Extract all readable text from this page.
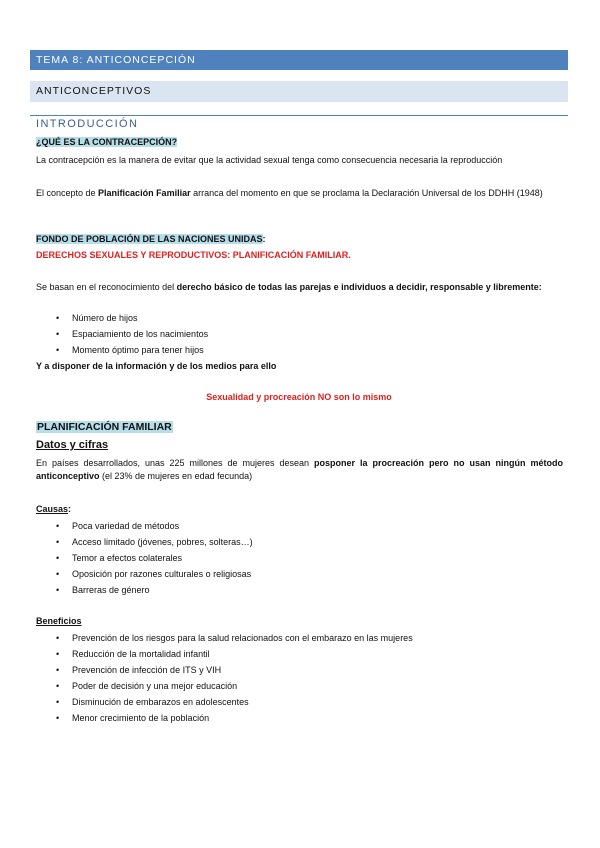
TEMA 8: ANTICONCEPCIÓN
ANTICONCEPTIVOS
INTRODUCCIÓN
¿QUÉ ES LA CONTRACEPCIÓN?
La contracepción es la manera de evitar que la actividad sexual tenga como consecuencia necesaria la reproducción
El concepto de Planificación Familiar arranca del momento en que se proclama la Declaración Universal de los DDHH (1948)
FONDO DE POBLACIÓN DE LAS NACIONES UNIDAS:
DERECHOS SEXUALES Y REPRODUCTIVOS: PLANIFICACIÓN FAMILIAR.
Se basan en el reconocimiento del derecho básico de todas las parejas e individuos a decidir, responsable y libremente:
• Número de hijos
• Espaciamiento de los nacimientos
• Momento óptimo para tener hijos
Y a disponer de la información y de los medios para ello
Sexualidad y procreación NO son lo mismo
PLANIFICACIÓN FAMILIAR
Datos y cifras
En países desarrollados, unas 225 millones de mujeres desean posponer la procreación pero no usan ningún método anticonceptivo (el 23% de mujeres en edad fecunda)
Causas:
• Poca variedad de métodos
• Acceso limitado (jóvenes, pobres, solteras…)
• Temor a efectos colaterales
• Oposición por razones culturales o religiosas
• Barreras de género
Beneficios
• Prevención de los riesgos para la salud relacionados con el embarazo en las mujeres
• Reducción de la mortalidad infantil
• Prevención de infección de ITS y VIH
• Poder de decisión y una mejor educación
• Disminución de embarazos en adolescentes
• Menor crecimiento de la población
